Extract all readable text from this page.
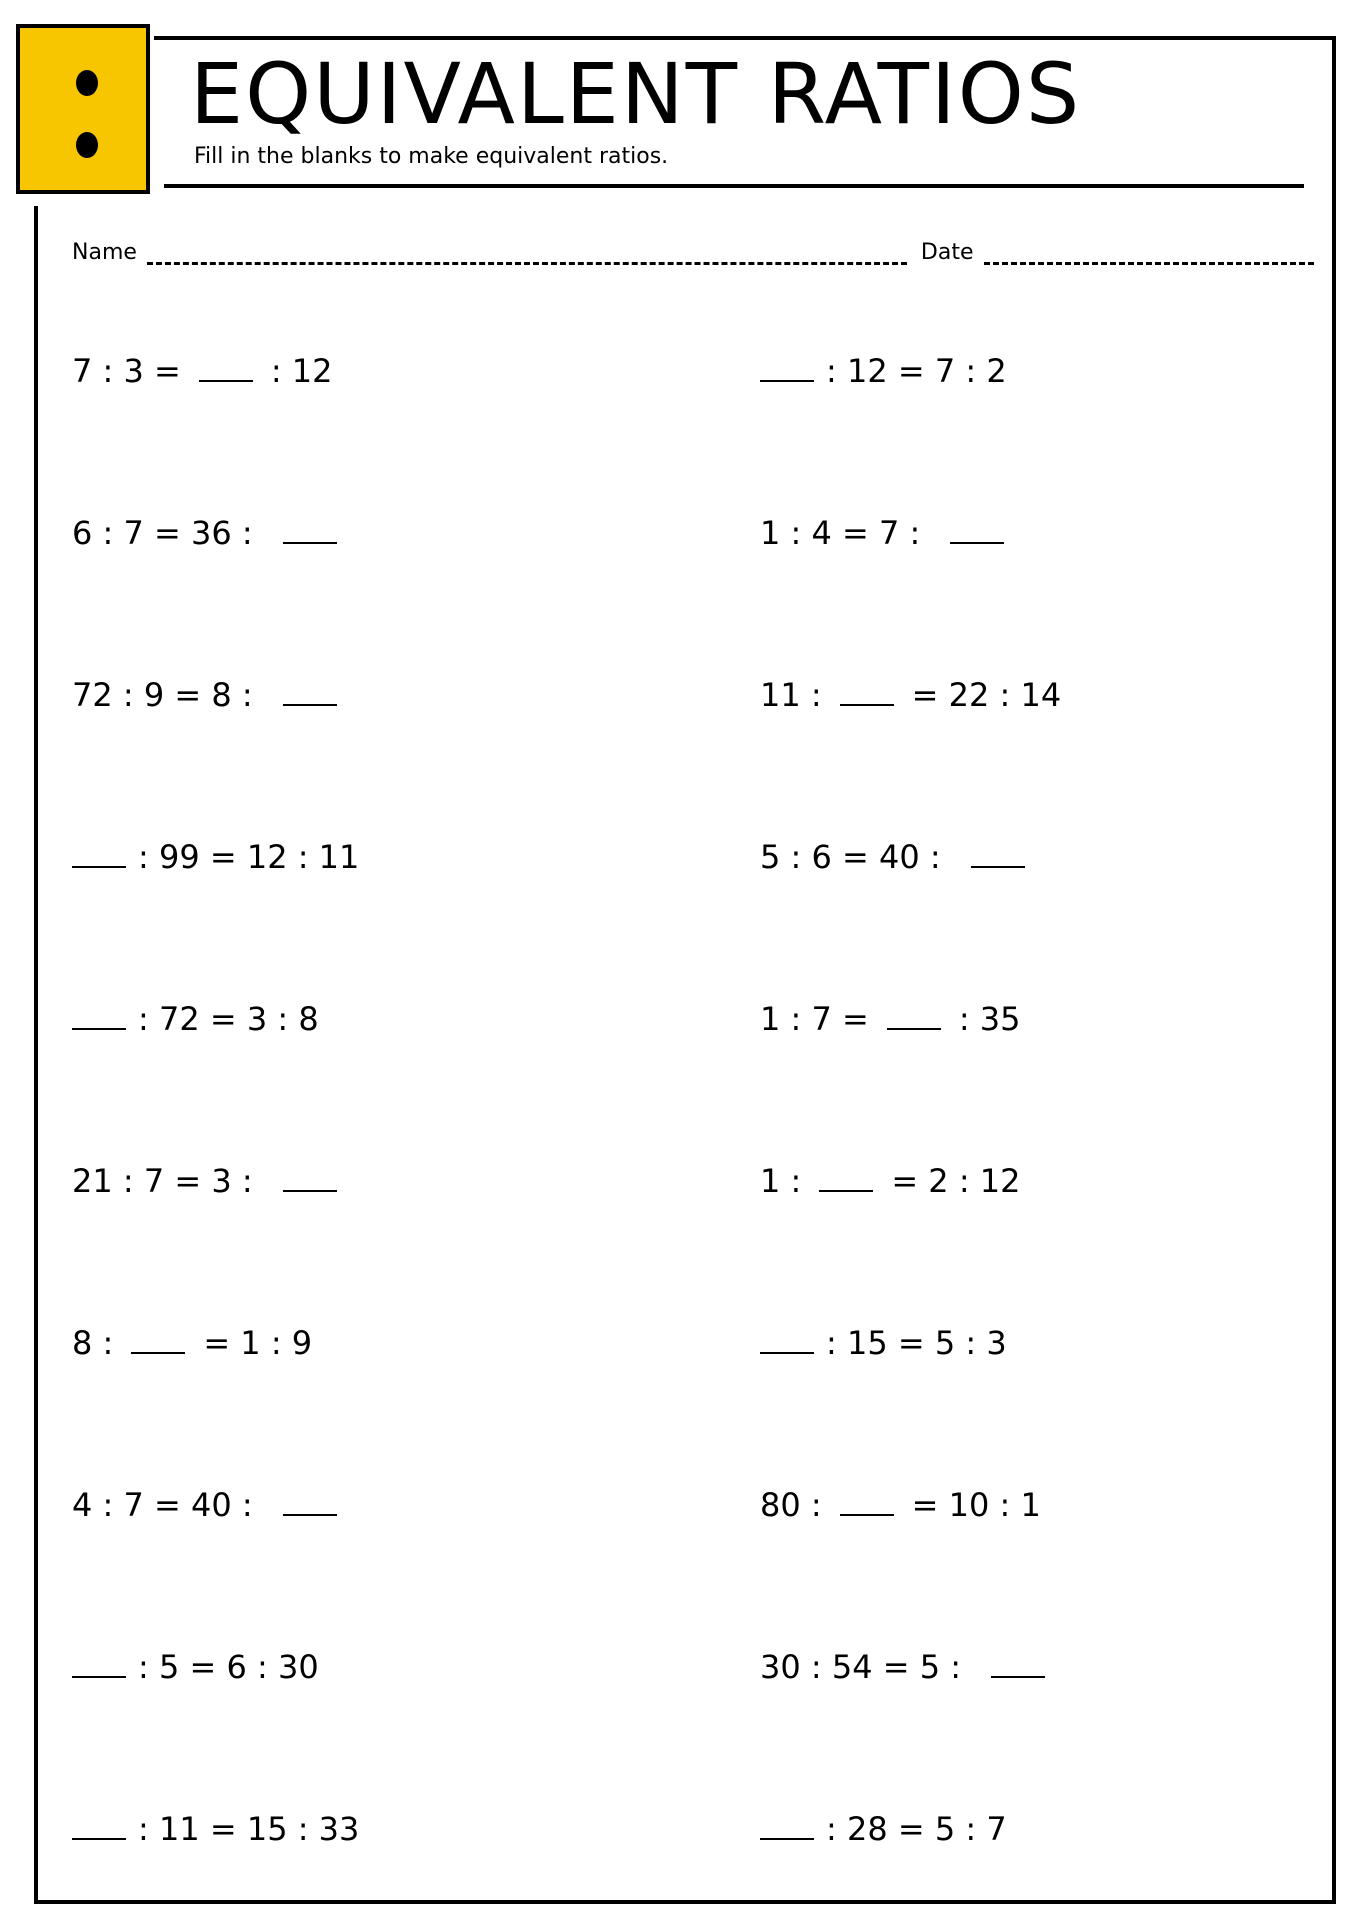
EQUIVALENT RATIOS
Fill in the blanks to make equivalent ratios.
Name	Date
7 : 3 =	: 12	: 12 = 7 : 2
6 : 7 = 36 :	1 : 4 = 7 :
72 : 9 = 8 :	11 :	= 22 : 14
: 99 = 12 : 11	5 : 6 = 40 :
: 72 = 3 : 8	1 : 7 =	: 35
21 : 7 = 3 :	1 :	= 2 : 12
8 :	= 1 : 9	: 15 = 5 : 3
4 : 7 = 40 :	80 :	= 10 : 1
: 5 = 6 : 30	30 : 54 = 5 :
: 11 = 15 : 33	: 28 = 5 : 7
